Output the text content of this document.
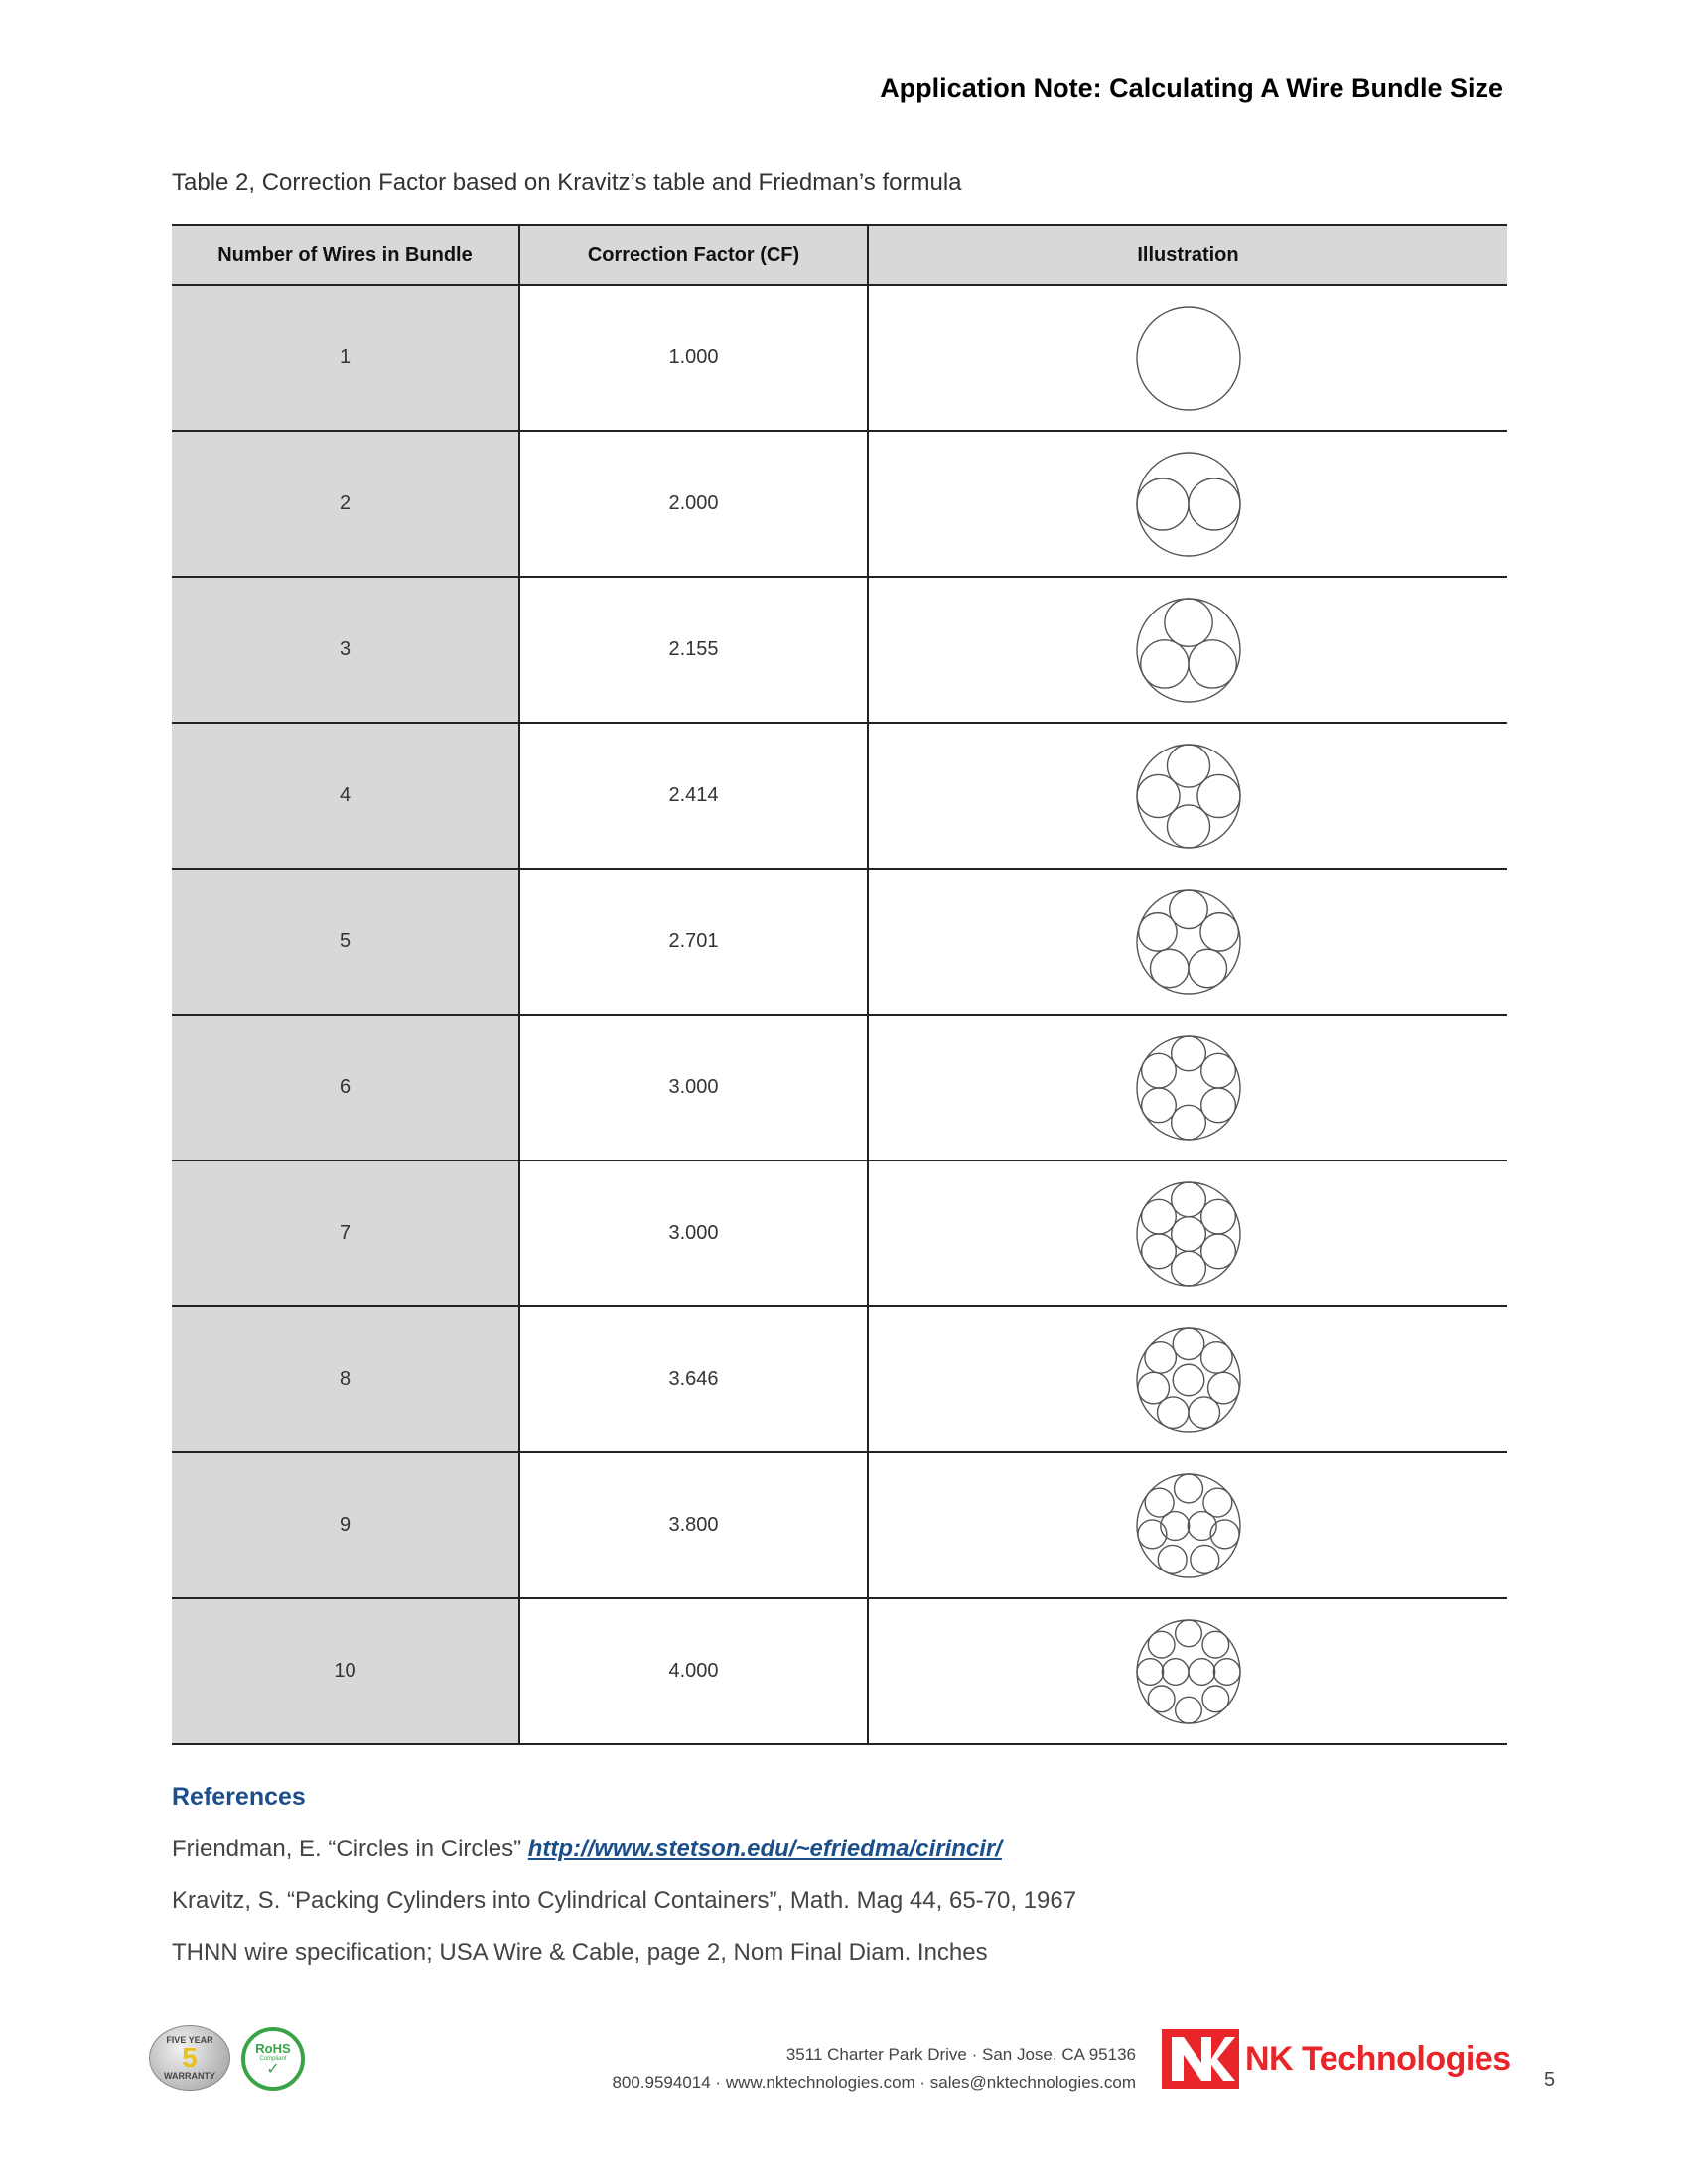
Application Note: Calculating A Wire Bundle Size
Table 2, Correction Factor based on Kravitz’s table and Friedman’s formula
Number of Wires in Bundle	Correction Factor (CF)	Illustration
1	1.000	

2	2.000	

3	2.155	

4	2.414	

5	2.701	

6	3.000	

7	3.000	

8	3.646	

9	3.800	

10	4.000	
References
Friendman, E. “Circles in Circles” http://www.stetson.edu/~efriedma/cirincir/
Kravitz, S. “Packing Cylinders into Cylindrical Containers”, Math. Mag 44, 65-70, 1967
THNN wire specification; USA Wire & Cable, page 2, Nom Final Diam. Inches
FIVE YEAR
5
WARRANTY
RoHS
Compliant
✓
3511 Charter Park Drive · San Jose, CA 95136
800.9594014 · www.nktechnologies.com · sales@nktechnologies.com
NK Technologies
5
